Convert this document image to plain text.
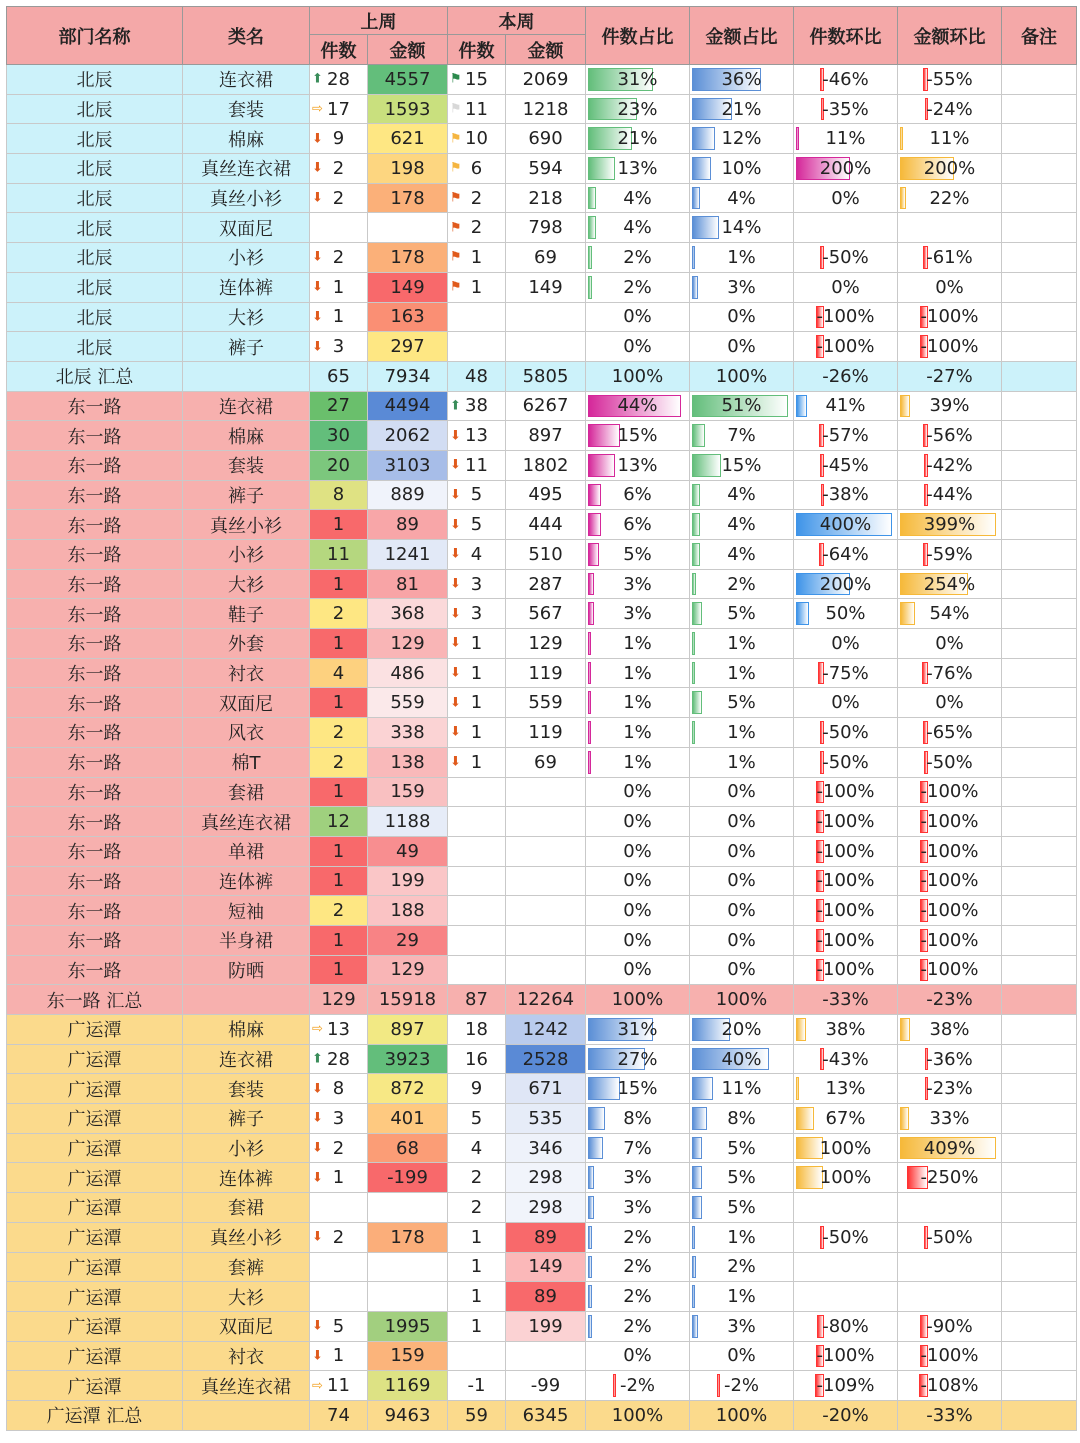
部门名称	类名	上周		本周		件数占比	金额占比	件数环比	金额环比	备注
		件数	金额	件数	金额					
北辰	连衣裙	⬆ 28	4557	⚑ 15	2069	31%	36%	-46%	-55%	
北辰	套装	⇨ 17	1593	⚑ 11	1218	23%	21%	-35%	-24%	
北辰	棉麻	⬇ 9	621	⚑ 10	690	21%	12%	11%	11%	
北辰	真丝连衣裙	⬇ 2	198	⚑ 6	594	13%	10%	200%	200%	
北辰	真丝小衫	⬇ 2	178	⚑ 2	218	4%	4%	0%	22%	
北辰	双面尼			⚑ 2	798	4%	14%			
北辰	小衫	⬇ 2	178	⚑ 1	69	2%	1%	-50%	-61%	
北辰	连体裤	⬇ 1	149	⚑ 1	149	2%	3%	0%	0%	
北辰	大衫	⬇ 1	163			0%	0%	-100%	-100%	
北辰	裤子	⬇ 3	297			0%	0%	-100%	-100%	
北辰 汇总		65	7934	48	5805	100%	100%	-26%	-27%	
东一路	连衣裙	27	4494	⬆ 38	6267	44%	51%	41%	39%	
东一路	棉麻	30	2062	⬇ 13	897	15%	7%	-57%	-56%	
东一路	套装	20	3103	⬇ 11	1802	13%	15%	-45%	-42%	
东一路	裤子	8	889	⬇ 5	495	6%	4%	-38%	-44%	
东一路	真丝小衫	1	89	⬇ 5	444	6%	4%	400%	399%	
东一路	小衫	11	1241	⬇ 4	510	5%	4%	-64%	-59%	
东一路	大衫	1	81	⬇ 3	287	3%	2%	200%	254%	
东一路	鞋子	2	368	⬇ 3	567	3%	5%	50%	54%	
东一路	外套	1	129	⬇ 1	129	1%	1%	0%	0%	
东一路	衬衣	4	486	⬇ 1	119	1%	1%	-75%	-76%	
东一路	双面尼	1	559	⬇ 1	559	1%	5%	0%	0%	
东一路	风衣	2	338	⬇ 1	119	1%	1%	-50%	-65%	
东一路	棉T	2	138	⬇ 1	69	1%	1%	-50%	-50%	
东一路	套裙	1	159			0%	0%	-100%	-100%	
东一路	真丝连衣裙	12	1188			0%	0%	-100%	-100%	
东一路	单裙	1	49			0%	0%	-100%	-100%	
东一路	连体裤	1	199			0%	0%	-100%	-100%	
东一路	短袖	2	188			0%	0%	-100%	-100%	
东一路	半身裙	1	29			0%	0%	-100%	-100%	
东一路	防晒	1	129			0%	0%	-100%	-100%	
东一路 汇总		129	15918	87	12264	100%	100%	-33%	-23%	
广运潭	棉麻	⇨ 13	897	18	1242	31%	20%	38%	38%	
广运潭	连衣裙	⬆ 28	3923	16	2528	27%	40%	-43%	-36%	
广运潭	套装	⬇ 8	872	9	671	15%	11%	13%	-23%	
广运潭	裤子	⬇ 3	401	5	535	8%	8%	67%	33%	
广运潭	小衫	⬇ 2	68	4	346	7%	5%	100%	409%	
广运潭	连体裤	⬇ 1	-199	2	298	3%	5%	100%	-250%	
广运潭	套裙			2	298	3%	5%			
广运潭	真丝小衫	⬇ 2	178	1	89	2%	1%	-50%	-50%	
广运潭	套裤			1	149	2%	2%			
广运潭	大衫			1	89	2%	1%			
广运潭	双面尼	⬇ 5	1995	1	199	2%	3%	-80%	-90%	
广运潭	衬衣	⬇ 1	159			0%	0%	-100%	-100%	
广运潭	真丝连衣裙	⇨ 11	1169	-1	-99	-2%	-2%	-109%	-108%	
广运潭 汇总		74	9463	59	6345	100%	100%	-20%	-33%	
